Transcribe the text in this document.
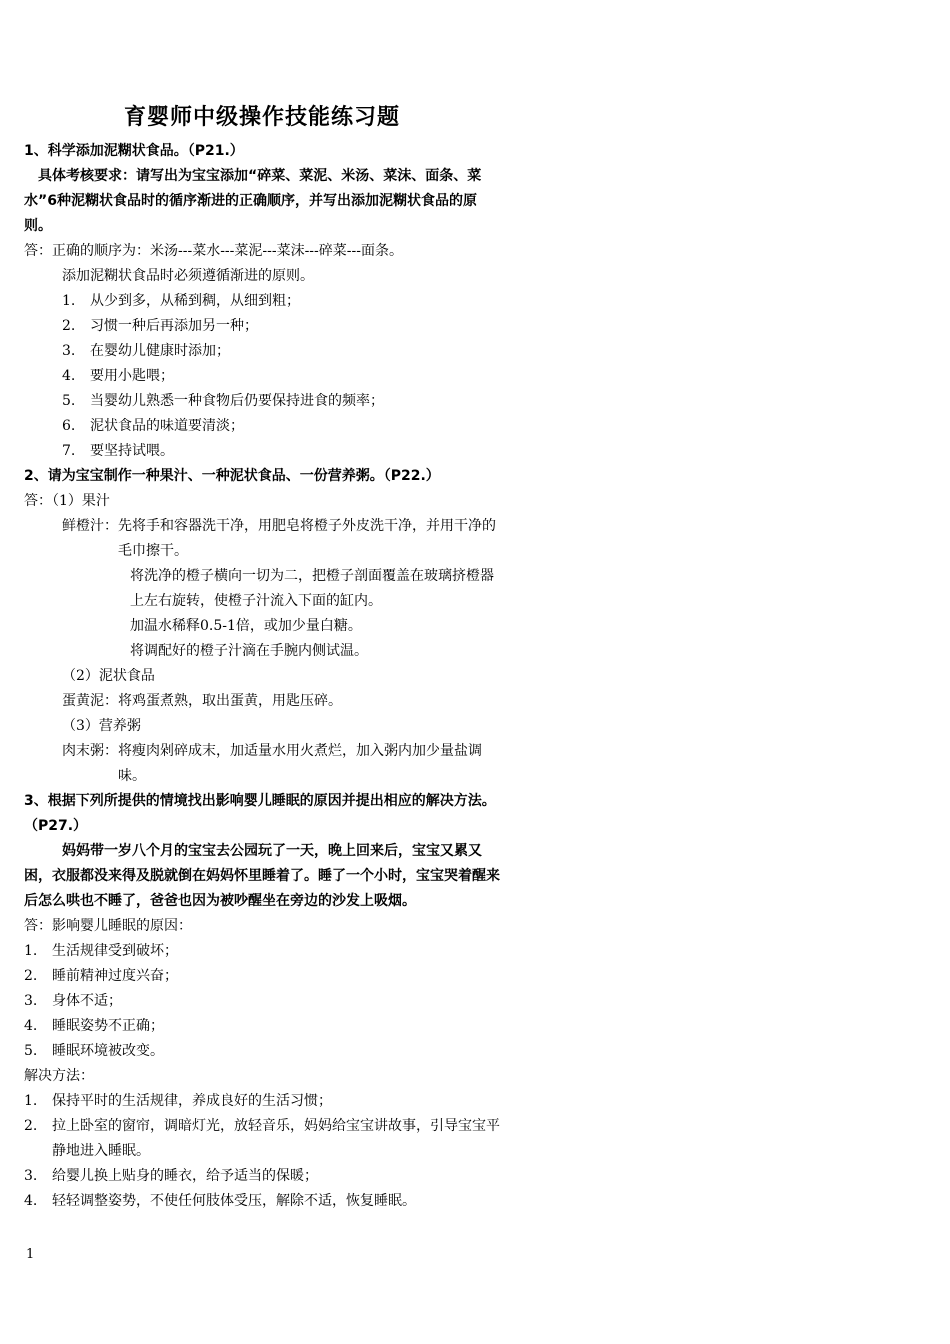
育婴师中级操作技能练习题
1、科学添加泥糊状食品。（P21.）
具体考核要求：请写出为宝宝添加“碎菜、菜泥、米汤、菜沫、面条、菜水”6种泥糊状食品时的循序渐进的正确顺序，并写出添加泥糊状食品的原则。
答：正确的顺序为：米汤---菜水---菜泥---菜沫---碎菜---面条。
添加泥糊状食品时必须遵循渐进的原则。
1.	从少到多，从稀到稠，从细到粗；
2.	习惯一种后再添加另一种；
3.	在婴幼儿健康时添加；
4.	要用小匙喂；
5.	当婴幼儿熟悉一种食物后仍要保持进食的频率；
6.	泥状食品的味道要清淡；
7.	要坚持试喂。
2、请为宝宝制作一种果汁、一种泥状食品、一份营养粥。（P22.）
答：（1）果汁
鲜橙汁： 先将手和容器洗干净，用肥皂将橙子外皮洗干净，并用干净的毛巾擦干。
将洗净的橙子横向一切为二，把橙子剖面覆盖在玻璃挤橙器上左右旋转，使橙子汁流入下面的缸内。
加温水稀释0.5-1倍，或加少量白糖。
将调配好的橙子汁滴在手腕内侧试温。
（2）泥状食品
蛋黄泥： 将鸡蛋煮熟，取出蛋黄，用匙压碎。
（3）营养粥
肉末粥： 将瘦肉剁碎成末，加适量水用火煮烂，加入粥内加少量盐调味。
3、根据下列所提供的情境找出影响婴儿睡眠的原因并提出相应的解决方法。（P27.）
妈妈带一岁八个月的宝宝去公园玩了一天，晚上回来后，宝宝又累又困，衣服都没来得及脱就倒在妈妈怀里睡着了。睡了一个小时，宝宝哭着醒来后怎么哄也不睡了，爸爸也因为被吵醒坐在旁边的沙发上吸烟。
答：影响婴儿睡眠的原因：
1.	生活规律受到破坏；
2.	睡前精神过度兴奋；
3.	身体不适；
4.	睡眠姿势不正确；
5.	睡眠环境被改变。
解决方法：
1.	保持平时的生活规律，养成良好的生活习惯；
2.	拉上卧室的窗帘，调暗灯光，放轻音乐，妈妈给宝宝讲故事，引导宝宝平静地进入睡眠。
3.	给婴儿换上贴身的睡衣，给予适当的保暖；
4.	轻轻调整姿势，不使任何肢体受压，解除不适，恢复睡眠。
1
